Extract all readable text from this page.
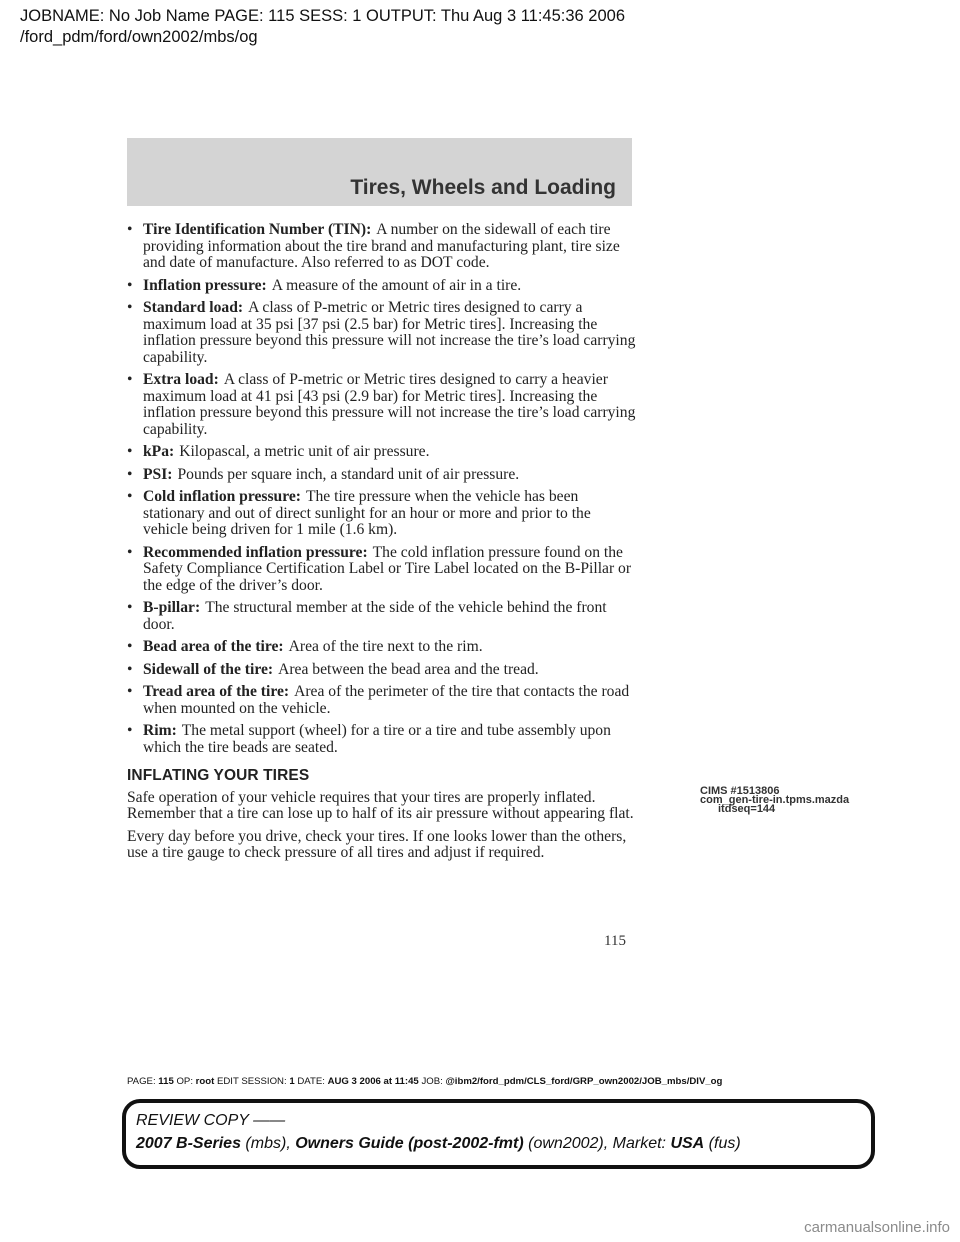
JOBNAME: No Job Name PAGE: 115 SESS: 1 OUTPUT: Thu Aug 3 11:45:36 2006
/ford_pdm/ford/own2002/mbs/og
Tires, Wheels and Loading
• Tire Identification Number (TIN): A number on the sidewall of each tire providing information about the tire brand and manufacturing plant, tire size and date of manufacture. Also referred to as DOT code.
• Inflation pressure: A measure of the amount of air in a tire.
• Standard load: A class of P-metric or Metric tires designed to carry a maximum load at 35 psi [37 psi (2.5 bar) for Metric tires]. Increasing the inflation pressure beyond this pressure will not increase the tire’s load carrying capability.
• Extra load: A class of P-metric or Metric tires designed to carry a heavier maximum load at 41 psi [43 psi (2.9 bar) for Metric tires]. Increasing the inflation pressure beyond this pressure will not increase the tire’s load carrying capability.
• kPa: Kilopascal, a metric unit of air pressure.
• PSI: Pounds per square inch, a standard unit of air pressure.
• Cold inflation pressure: The tire pressure when the vehicle has been stationary and out of direct sunlight for an hour or more and prior to the vehicle being driven for 1 mile (1.6 km).
• Recommended inflation pressure: The cold inflation pressure found on the Safety Compliance Certification Label or Tire Label located on the B-Pillar or the edge of the driver’s door.
• B-pillar: The structural member at the side of the vehicle behind the front door.
• Bead area of the tire: Area of the tire next to the rim.
• Sidewall of the tire: Area between the bead area and the tread.
• Tread area of the tire: Area of the perimeter of the tire that contacts the road when mounted on the vehicle.
• Rim: The metal support (wheel) for a tire or a tire and tube assembly upon which the tire beads are seated.
INFLATING YOUR TIRES

Safe operation of your vehicle requires that your tires are properly inflated. Remember that a tire can lose up to half of its air pressure without appearing flat.

Every day before you drive, check your tires. If one looks lower than the others, use a tire gauge to check pressure of all tires and adjust if required.

CIMS #1513806
com_gen-tire-in.tpms.mazda
itdseq=144
115
PAGE: 115 OP: root EDIT SESSION: 1 DATE: AUG 3 2006 at 11:45 JOB: @ibm2/ford_pdm/CLS_ford/GRP_own2002/JOB_mbs/DIV_og
REVIEW COPY ——
2007 B-Series (mbs), Owners Guide (post-2002-fmt) (own2002), Market: USA (fus)
carmanualsonline.info
